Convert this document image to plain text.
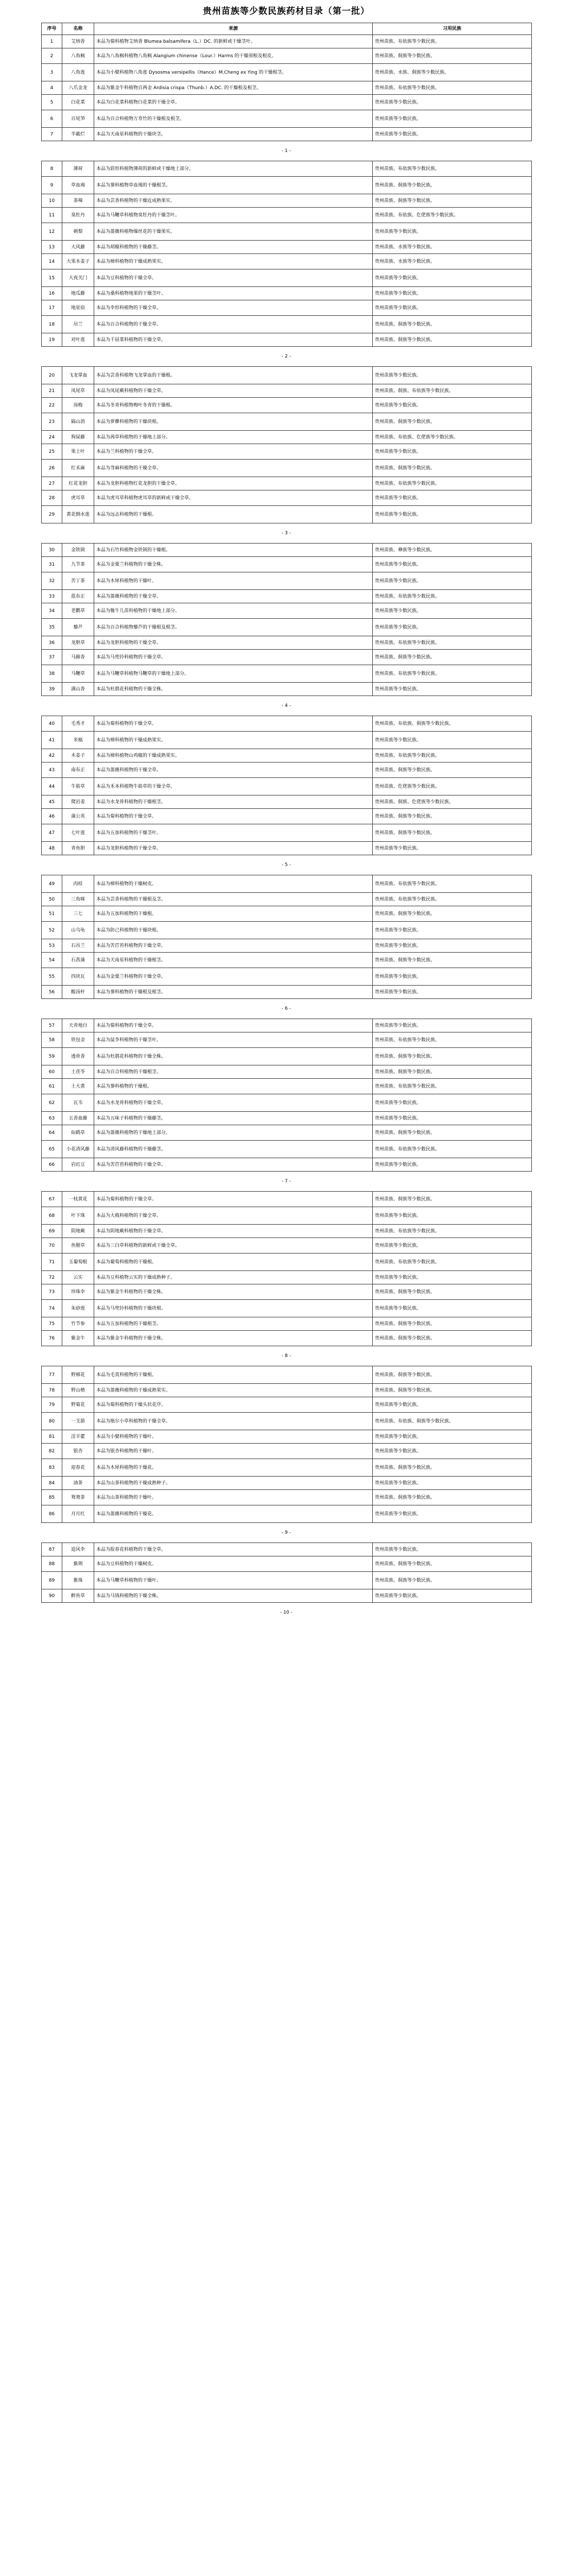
贵州苗族等少数民族药材目录（第一批）
序号	名称	来源	习用民族
1	艾纳香	本品为菊科植物艾纳香 Blumea balsamifera（L.）DC. 的新鲜或干燥茎叶。	贵州苗族、布依族等少数民族。
2	八角枫	本品为八角枫科植物八角枫 Alangium chinense（Lour.）Harms 的干燥须根及根皮。	贵州苗族、侗族等少数民族。
3	八角莲	本品为小檗科植物八角莲 Dysosma versipellis（Hance）M.Cheng ex Ying 的干燥根茎。	贵州苗族、水族、侗族等少数民族。
4	八爪金龙	本品为紫金牛科植物百两金 Ardisia crispa（Thunb.）A.DC. 的干燥根及根茎。	贵州苗族、布依族等少数民族。
5	白花菜	本品为白花菜科植物白花菜的干燥全草。	贵州苗族等少数民族。
6	百尾笋	本品为百合科植物万寿竹的干燥根及根茎。	贵州苗族等少数民族。
7	半截烂	本品为天南星科植物的干燥块茎。	贵州苗族等少数民族。
- 1 -
8	薄荷	本品为唇形科植物薄荷的新鲜或干燥地上部分。	贵州苗族、布依族等少数民族。
9	草血竭	本品为蓼科植物草血竭的干燥根茎。	贵州苗族、侗族等少数民族。
10	茶辣	本品为芸香科植物的干燥近成熟果实。	贵州苗族、侗族等少数民族。
11	臭牡丹	本品为马鞭草科植物臭牡丹的干燥茎叶。	贵州苗族、布依族、仡佬族等少数民族。
12	刺梨	本品为蔷薇科植物缫丝花的干燥果实。	贵州苗族等少数民族。
13	大风藤	本品为胡椒科植物的干燥藤茎。	贵州苗族、水族等少数民族。
14	大果木姜子	本品为樟科植物的干燥成熟果实。	贵州苗族、水族等少数民族。
15	大夜关门	本品为豆科植物的干燥全草。	贵州苗族等少数民族。
16	地瓜藤	本品为桑科植物地果的干燥茎叶。	贵州苗族等少数民族。
17	地星宿	本品为伞形科植物的干燥全草。	贵州苗族等少数民族。
18	吊兰	本品为百合科植物的干燥全草。	贵州苗族、侗族等少数民族。
19	对叶莲	本品为千屈菜科植物的干燥全草。	贵州苗族、侗族等少数民族。
- 2 -
20	飞龙掌血	本品为芸香科植物飞龙掌血的干燥根。	贵州苗族等少数民族。
21	凤尾草	本品为凤尾蕨科植物的干燥全草。	贵州苗族、侗族、布依族等少数民族。
22	岗梅	本品为冬青科植物梅叶冬青的干燥根。	贵州苗族等少数民族。
23	隔山消	本品为萝藦科植物的干燥块根。	贵州苗族、侗族等少数民族。
24	狗屎藤	本品为茜草科植物的干燥地上部分。	贵州苗族、布依族、仡佬族等少数民族。
25	果上叶	本品为兰科植物的干燥全草。	贵州苗族等少数民族。
26	红禾麻	本品为荨麻科植物的干燥全草。	贵州苗族、侗族等少数民族。
27	红花龙胆	本品为龙胆科植物红花龙胆的干燥全草。	贵州苗族、布依族等少数民族。
28	虎耳草	本品为虎耳草科植物虎耳草的新鲜或干燥全草。	贵州苗族等少数民族。
29	黄花倒水莲	本品为远志科植物的干燥根。	贵州苗族等少数民族。
- 3 -
30	金铁锁	本品为石竹科植物金铁锁的干燥根。	贵州苗族、彝族等少数民族。
31	九节茶	本品为金粟兰科植物的干燥全株。	贵州苗族等少数民族。
32	苦丁茶	本品为木犀科植物的干燥叶。	贵州苗族等少数民族。
33	蓝布正	本品为蔷薇科植物的干燥全草。	贵州苗族、布依族等少数民族。
34	老鹳草	本品为牻牛儿苗科植物的干燥地上部分。	贵州苗族等少数民族。
35	藜芦	本品为百合科植物藜芦的干燥根及根茎。	贵州苗族等少数民族。
36	龙胆草	本品为龙胆科植物的干燥全草。	贵州苗族、布依族等少数民族。
37	马蹄香	本品为马兜铃科植物的干燥全草。	贵州苗族、侗族等少数民族。
38	马鞭草	本品为马鞭草科植物马鞭草的干燥地上部分。	贵州苗族、布依族等少数民族。
39	满山香	本品为杜鹃花科植物的干燥全株。	贵州苗族等少数民族。
- 4 -
40	毛秀才	本品为菊科植物的干燥全草。	贵州苗族、布依族、侗族等少数民族。
41	米槁	本品为樟科植物的干燥成熟果实。	贵州苗族等少数民族。
42	木姜子	本品为樟科植物山鸡椒的干燥成熟果实。	贵州苗族、布依族等少数民族。
43	南布正	本品为蔷薇科植物的干燥全草。	贵州苗族、侗族等少数民族。
44	牛筋草	本品为禾本科植物牛筋草的干燥全草。	贵州苗族、仡佬族等少数民族。
45	爬岩姜	本品为水龙骨科植物的干燥根茎。	贵州苗族、侗族、仡佬族等少数民族。
46	蒲公英	本品为菊科植物的干燥全草。	贵州苗族、侗族等少数民族。
47	七叶莲	本品为五加科植物的干燥茎叶。	贵州苗族、侗族等少数民族。
48	青鱼胆	本品为龙胆科植物的干燥全草。	贵州苗族等少数民族。
- 5 -
49	肉桂	本品为樟科植物的干燥树皮。	贵州苗族、布依族等少数民族。
50	三角咪	本品为芸香科植物的干燥根及茎。	贵州苗族、布依族等少数民族。
51	三七	本品为五加科植物的干燥根。	贵州苗族、侗族等少数民族。
52	山乌龟	本品为防己科植物的干燥块根。	贵州苗族等少数民族。
53	石吊兰	本品为苦苣苔科植物的干燥全草。	贵州苗族等少数民族。
54	石菖蒲	本品为天南星科植物的干燥根茎。	贵州苗族、侗族等少数民族。
55	四块瓦	本品为金粟兰科植物的干燥全草。	贵州苗族等少数民族。
56	酸汤杆	本品为蓼科植物的干燥根及根茎。	贵州苗族等少数民族。
- 6 -
57	天青地白	本品为菊科植物的干燥全草。	贵州苗族等少数民族。
58	铁包金	本品为鼠李科植物的干燥茎叶。	贵州苗族、布依族等少数民族。
59	透骨香	本品为杜鹃花科植物的干燥全株。	贵州苗族、侗族等少数民族。
60	土茯苓	本品为百合科植物的干燥根茎。	贵州苗族、侗族等少数民族。
61	土大黄	本品为蓼科植物的干燥根。	贵州苗族、布依族等少数民族。
62	瓦韦	本品为水龙骨科植物的干燥全草。	贵州苗族等少数民族。
63	五香血藤	本品为五味子科植物的干燥藤茎。	贵州苗族等少数民族。
64	仙鹤草	本品为蔷薇科植物的干燥地上部分。	贵州苗族、侗族等少数民族。
65	小花清风藤	本品为清风藤科植物的干燥藤茎。	贵州苗族、布依族等少数民族。
66	岩豇豆	本品为苦苣苔科植物的干燥全草。	贵州苗族等少数民族。
- 7 -
67	一枝黄花	本品为菊科植物的干燥全草。	贵州苗族、侗族等少数民族。
68	叶下珠	本品为大戟科植物的干燥全草。	贵州苗族等少数民族。
69	阴地蕨	本品为阴地蕨科植物的干燥全草。	贵州苗族、布依族等少数民族。
70	鱼腥草	本品为三白草科植物的新鲜或干燥全草。	贵州苗族等少数民族。
71	玉葡萄根	本品为葡萄科植物的干燥根。	贵州苗族、布依族等少数民族。
72	云实	本品为豆科植物云实的干燥成熟种子。	贵州苗族等少数民族。
73	珍珠伞	本品为紫金牛科植物的干燥全株。	贵州苗族、侗族等少数民族。
74	朱砂莲	本品为马兜铃科植物的干燥块根。	贵州苗族等少数民族。
75	竹节参	本品为五加科植物的干燥根茎。	贵州苗族、侗族等少数民族。
76	紫金牛	本品为紫金牛科植物的干燥全株。	贵州苗族、侗族等少数民族。
- 8 -
77	野棉花	本品为毛茛科植物的干燥根。	贵州苗族、侗族等少数民族。
78	野山楂	本品为蔷薇科植物的干燥成熟果实。	贵州苗族、侗族等少数民族。
79	野菊花	本品为菊科植物的干燥头状花序。	贵州苗族等少数民族。
80	一支箭	本品为瓶尔小草科植物的干燥全草。	贵州苗族、布依族、侗族等少数民族。
81	淫羊藿	本品为小檗科植物的干燥叶。	贵州苗族等少数民族。
82	银杏	本品为银杏科植物的干燥叶。	贵州苗族等少数民族。
83	迎春花	本品为木犀科植物的干燥花。	贵州苗族、侗族等少数民族。
84	油茶	本品为山茶科植物的干燥成熟种子。	贵州苗族等少数民族。
85	鸳鸯茶	本品为山茶科植物的干燥叶。	贵州苗族、侗族等少数民族。
86	月月红	本品为蔷薇科植物的干燥花。	贵州苗族等少数民族。
- 9 -
87	追风伞	本品为报春花科植物的干燥全草。	贵州苗族等少数民族。
88	紫荆	本品为豆科植物的干燥树皮。	贵州苗族、侗族等少数民族。
89	紫珠	本品为马鞭草科植物的干燥叶。	贵州苗族、侗族等少数民族。
90	醉鱼草	本品为马钱科植物的干燥全株。	贵州苗族等少数民族。
- 10 -
